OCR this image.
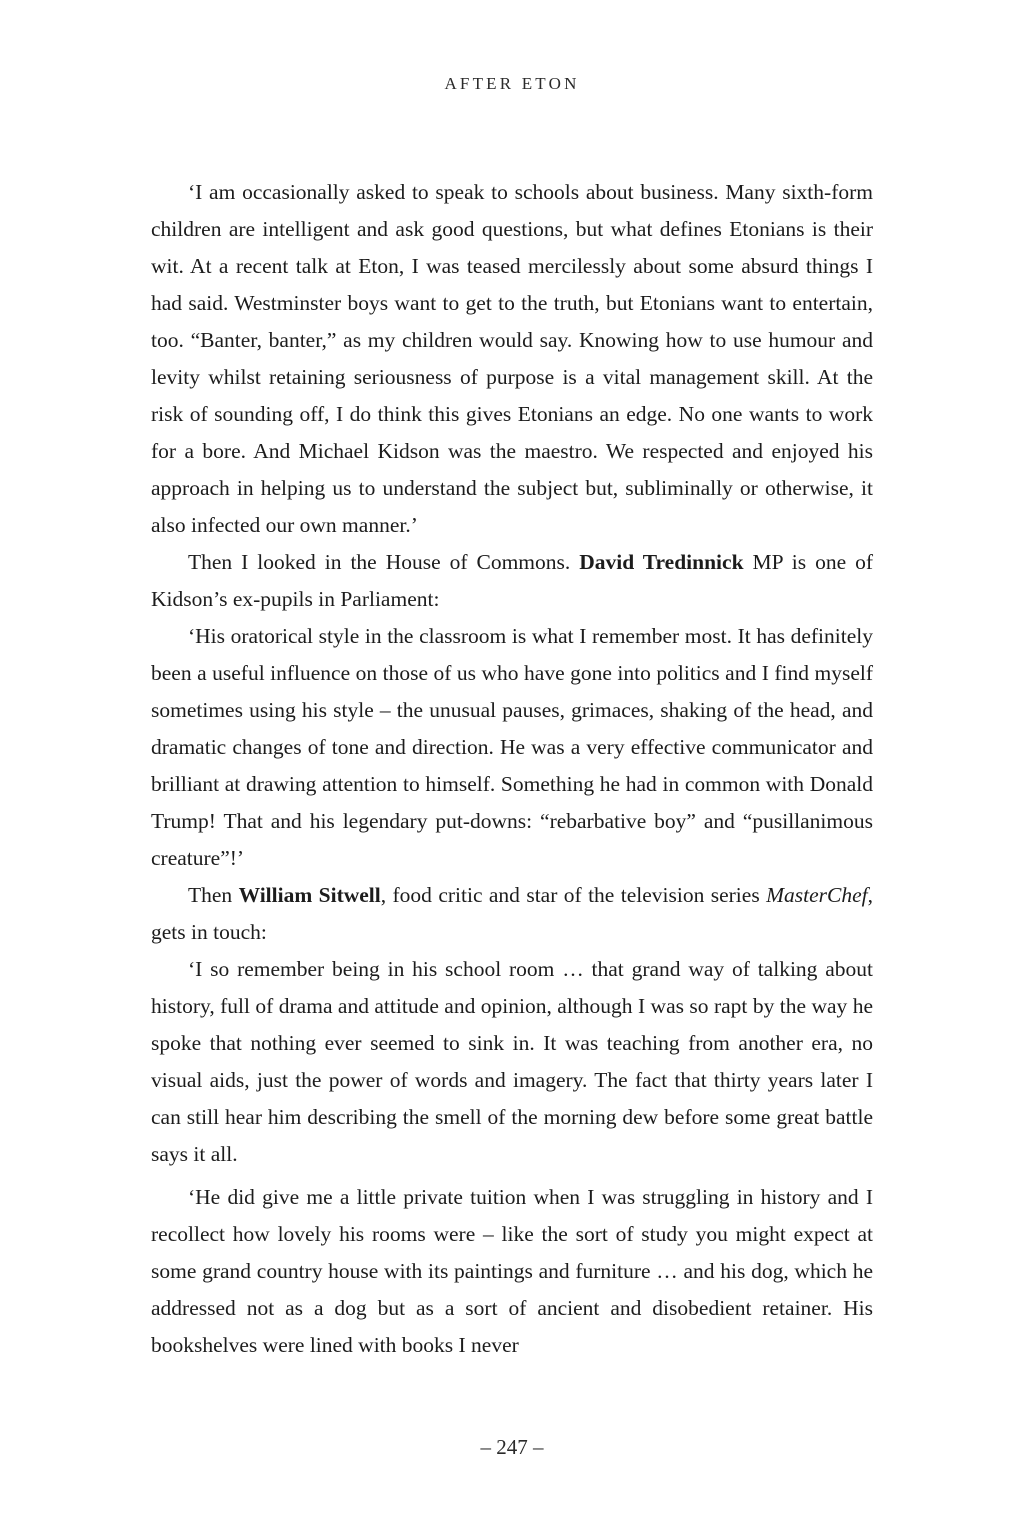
AFTER ETON

‘I am occasionally asked to speak to schools about business. Many sixth-form children are intelligent and ask good questions, but what defines Etonians is their wit. At a recent talk at Eton, I was teased mercilessly about some absurd things I had said. Westminster boys want to get to the truth, but Etonians want to entertain, too. “Banter, banter,” as my children would say. Knowing how to use humour and levity whilst retaining seriousness of purpose is a vital management skill. At the risk of sounding off, I do think this gives Etonians an edge. No one wants to work for a bore. And Michael Kidson was the maestro. We respected and enjoyed his approach in helping us to understand the subject but, subliminally or otherwise, it also infected our own manner.’

Then I looked in the House of Commons. David Tredinnick MP is one of Kidson’s ex-pupils in Parliament:

‘His oratorical style in the classroom is what I remember most. It has definitely been a useful influence on those of us who have gone into politics and I find myself sometimes using his style – the unusual pauses, grimaces, shaking of the head, and dramatic changes of tone and direction. He was a very effective communicator and brilliant at drawing attention to himself. Something he had in common with Donald Trump! That and his legendary put-downs: “rebarbative boy” and “pusillanimous creature”!’

Then William Sitwell, food critic and star of the television series MasterChef, gets in touch:

‘I so remember being in his school room … that grand way of talking about history, full of drama and attitude and opinion, although I was so rapt by the way he spoke that nothing ever seemed to sink in. It was teaching from another era, no visual aids, just the power of words and imagery. The fact that thirty years later I can still hear him describing the smell of the morning dew before some great battle says it all.

‘He did give me a little private tuition when I was struggling in history and I recollect how lovely his rooms were – like the sort of study you might expect at some grand country house with its paintings and furniture … and his dog, which he addressed not as a dog but as a sort of ancient and disobedient retainer. His bookshelves were lined with books I never

– 247 –
